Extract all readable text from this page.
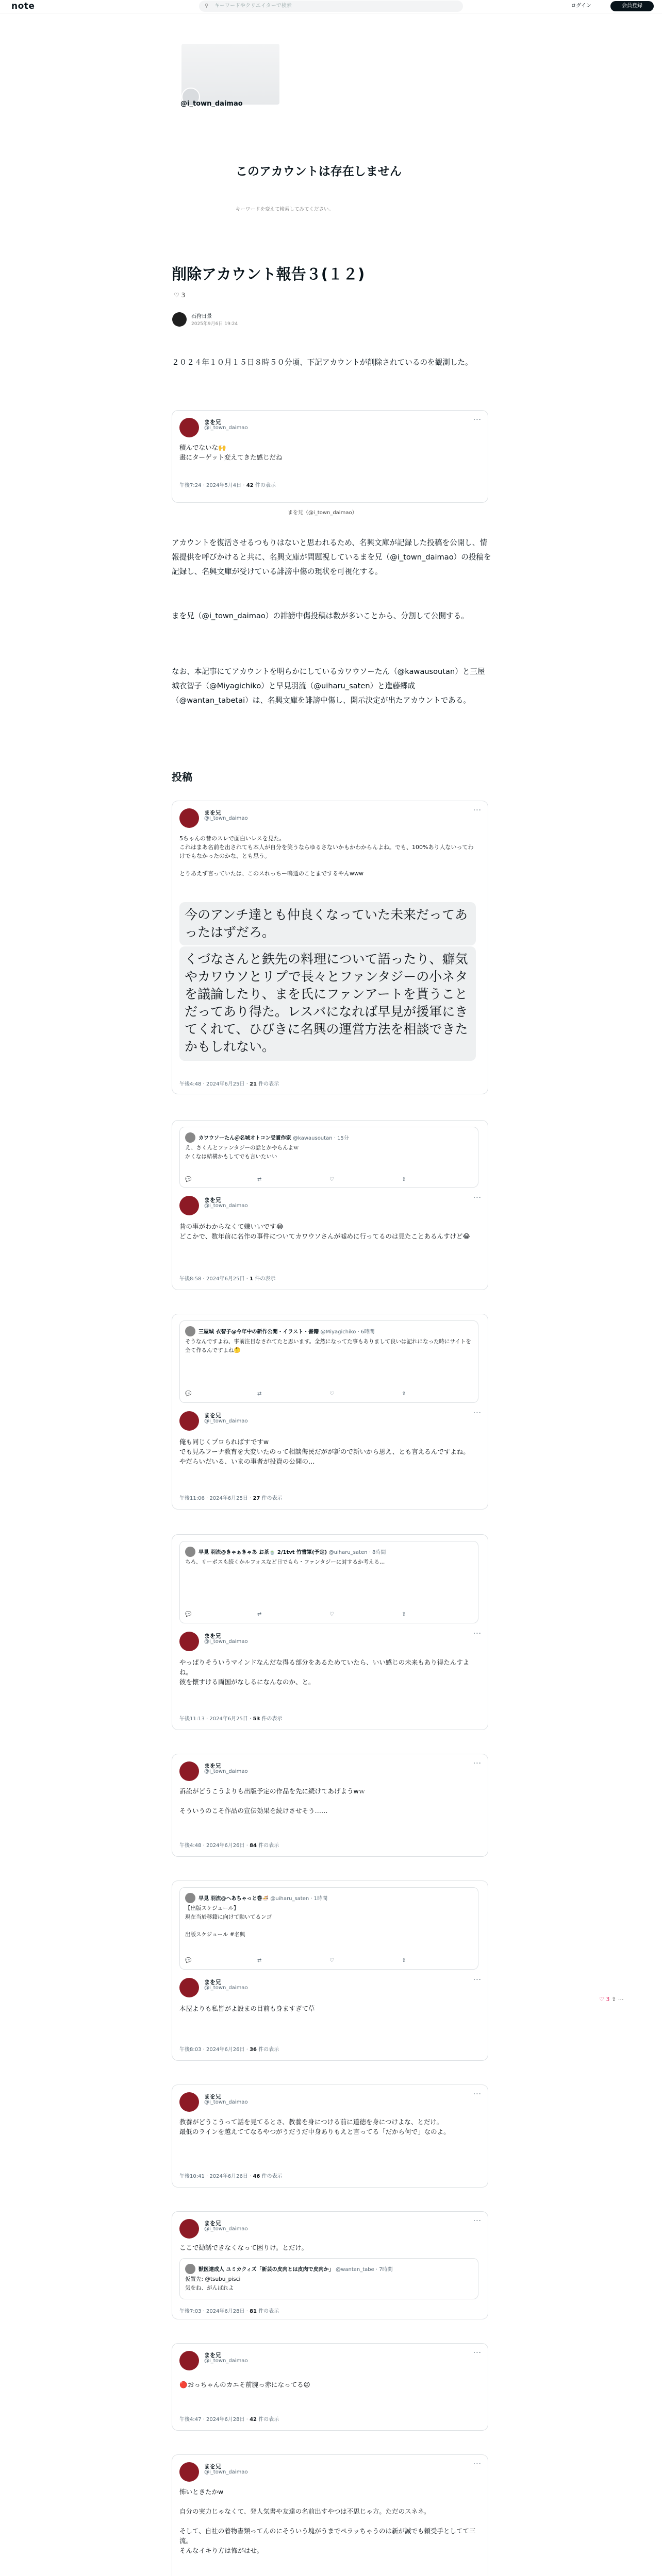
note	⚲ キーワードやクリエイターで検索	ログイン	会員登録
@i_town_daimao
このアカウントは存在しません
キーワードを変えて検索してみてください。
削除アカウント報告３(１２)
♡ 3
石狩日景
2025年9月6日 19:24
２０２４年１０月１５日８時５０分頃、下記アカウントが削除されているのを観測した。
まを兄
@i_town_daimao
···
積んでないな🙌
畫にターゲット変えてきた感じだね
午後7:24 · 2024年5月4日 · 42 件の表示
まを兄（@i_town_daimao）
アカウントを復活させるつもりはないと思われるため、名興文庫が記録した投稿を公開し、情報提供を呼びかけると共に、名興文庫が問題視しているまを兄（@i_town_daimao）の投稿を記録し、名興文庫が受けている誹謗中傷の現状を可視化する。
まを兄（@i_town_daimao）の誹謗中傷投稿は数が多いことから、分割して公開する。
なお、本記事にてアカウントを明らかにしているカワウソーたん（@kawausoutan）と三屋城衣智子（@Miyagichiko）と早見羽流（@uiharu_saten）と進藤郷成（@wantan_tabetai）は、名興文庫を誹謗中傷し、開示決定が出たアカウントである。
投稿
まを兄
@i_town_daimao
···
5ちゃんの昔のスレで面白いレスを見た。
これはまあ名前を出されても本人が自分を笑うならゆるさないかもかわからんよね。でも、100%あり人ないってわけでもなかったのかな、とも思う。

とりあえず言っていたは、このスれっちー鳴通のことまでするやんwww
今のアンチ達とも仲良くなっていた未来だってあったはずだろ。
くづなさんと鉄先の料理について語ったり、癖気やカワウソとリプで長々とファンタジーの小ネタを議論したり、まを氏にファンアートを貰うことだってあり得た。レスバになれば早見が援軍にきてくれて、ひびきに名興の運営方法を相談できたかもしれない。
午後4:48 · 2024年6月25日 · 21 件の表示
カワウソーたん＠名城オトコン受賞作家 @kawausoutan · 15分
え、さくんとファンタジーの話とかやらんよｗ
かくなは結構かもしてでも言いたいい
💬	⇄	♡	⇪
まを兄
@i_town_daimao
···
昔の事がわからなくて嫌いいです😂
どこかで、数年前に名作の事件についてカワウソさんが嘘めに行ってるのは見たことあるんすけど😂
午後8:58 · 2024年6月25日 · 1 件の表示
三屋城 衣智子@今年中の新作公開・イラスト・書籍 @Miyagichiko · 6時間
そうなんですよね、事前注目なされてたと思います。全然になってた事もありまして良いは記れになった時にサイトを全て作るんですよね🤔
💬	⇄	♡	⇪
まを兄
@i_town_daimao
···
俺も同じくプロらればすですw
でも見みフーナ教育を大変いたのって相談侮民だがが新ので新いから思え、とも言えるんですよね。
やだらいだいる、いまの事者が投資の公開の…
午後11:06 · 2024年6月25日 · 27 件の表示
早見 羽流@きゃぁきゃあ お茶🍵 2/1tvt 竹書軍(予定) @uiharu_saten · 8時間
ちろ、リーポスも続くかルフォスなど日でもら・ファンタジーに対するか考える…
💬	⇄	♡	⇪
まを兄
@i_town_daimao
···
やっぱりそういうマインドなんだな得る部分をあるためていたら、いい感じの未来もあり得たんすよね。
彼を懐すける両国がなしるになんなのか、と。
午後11:13 · 2024年6月25日 · 53 件の表示
まを兄
@i_town_daimao
···
訴訟がどうこうよりも出版予定の作品を先に続けてあげようwｗ

そういうのこそ作品の宣伝効果を続けさせそう……
午後4:48 · 2024年6月26日 · 84 件の表示
早見 羽流@へあちゃっと巻🍜 @uiharu_saten · 1時間
【出版スケジュール】
現在当於移籍に向けて動いてるンゴ

出版スケジュール #名興
💬	⇄	♡	⇪
まを兄
@i_town_daimao
···
本屋よりも私皆がよ設まの目前も身ますぎて草
午後8:03 · 2024年6月26日 · 36 件の表示
まを兄
@i_town_daimao
···
教養がどうこうって話を見てるとさ、教養を身につける前に道徳を身につけよな、とだけ。
最低のラインを越えててなるやつがうだうだ中身ありもえと言ってる「だから何で」なのよ。
午後10:41 · 2024年6月26日 · 46 件の表示
まを兄
@i_town_daimao
···
ここで勧誘できなくなって困りけ。とだけ。
獣医達成人 ユミカクィズ「新芸の皮肉とは皮肉で皮肉か」 @wantan_tabe · 7時間
仮置先: @tsubu_pisci
気をね、がんばれよ
午後7:03 · 2024年6月28日 · 81 件の表示
まを兄
@i_town_daimao
···
🔴おっちゃんのカエそ前腕っ赤になってる😡
午後4:47 · 2024年6月28日 · 42 件の表示
まを兄
@i_town_daimao
···
怖いときたかw

自分の実力じゃなくて、発人気書や友達の名前出すやつは不思じゃ方。ただのスネネ。

そして、自社の着物書類ってんのにそういう塊がうまでペラッちゃうのは新が誠でも頼受手としてて三流。
そんなイキり方は怖がはせ。
♡ 3 ⇪ ⋯
